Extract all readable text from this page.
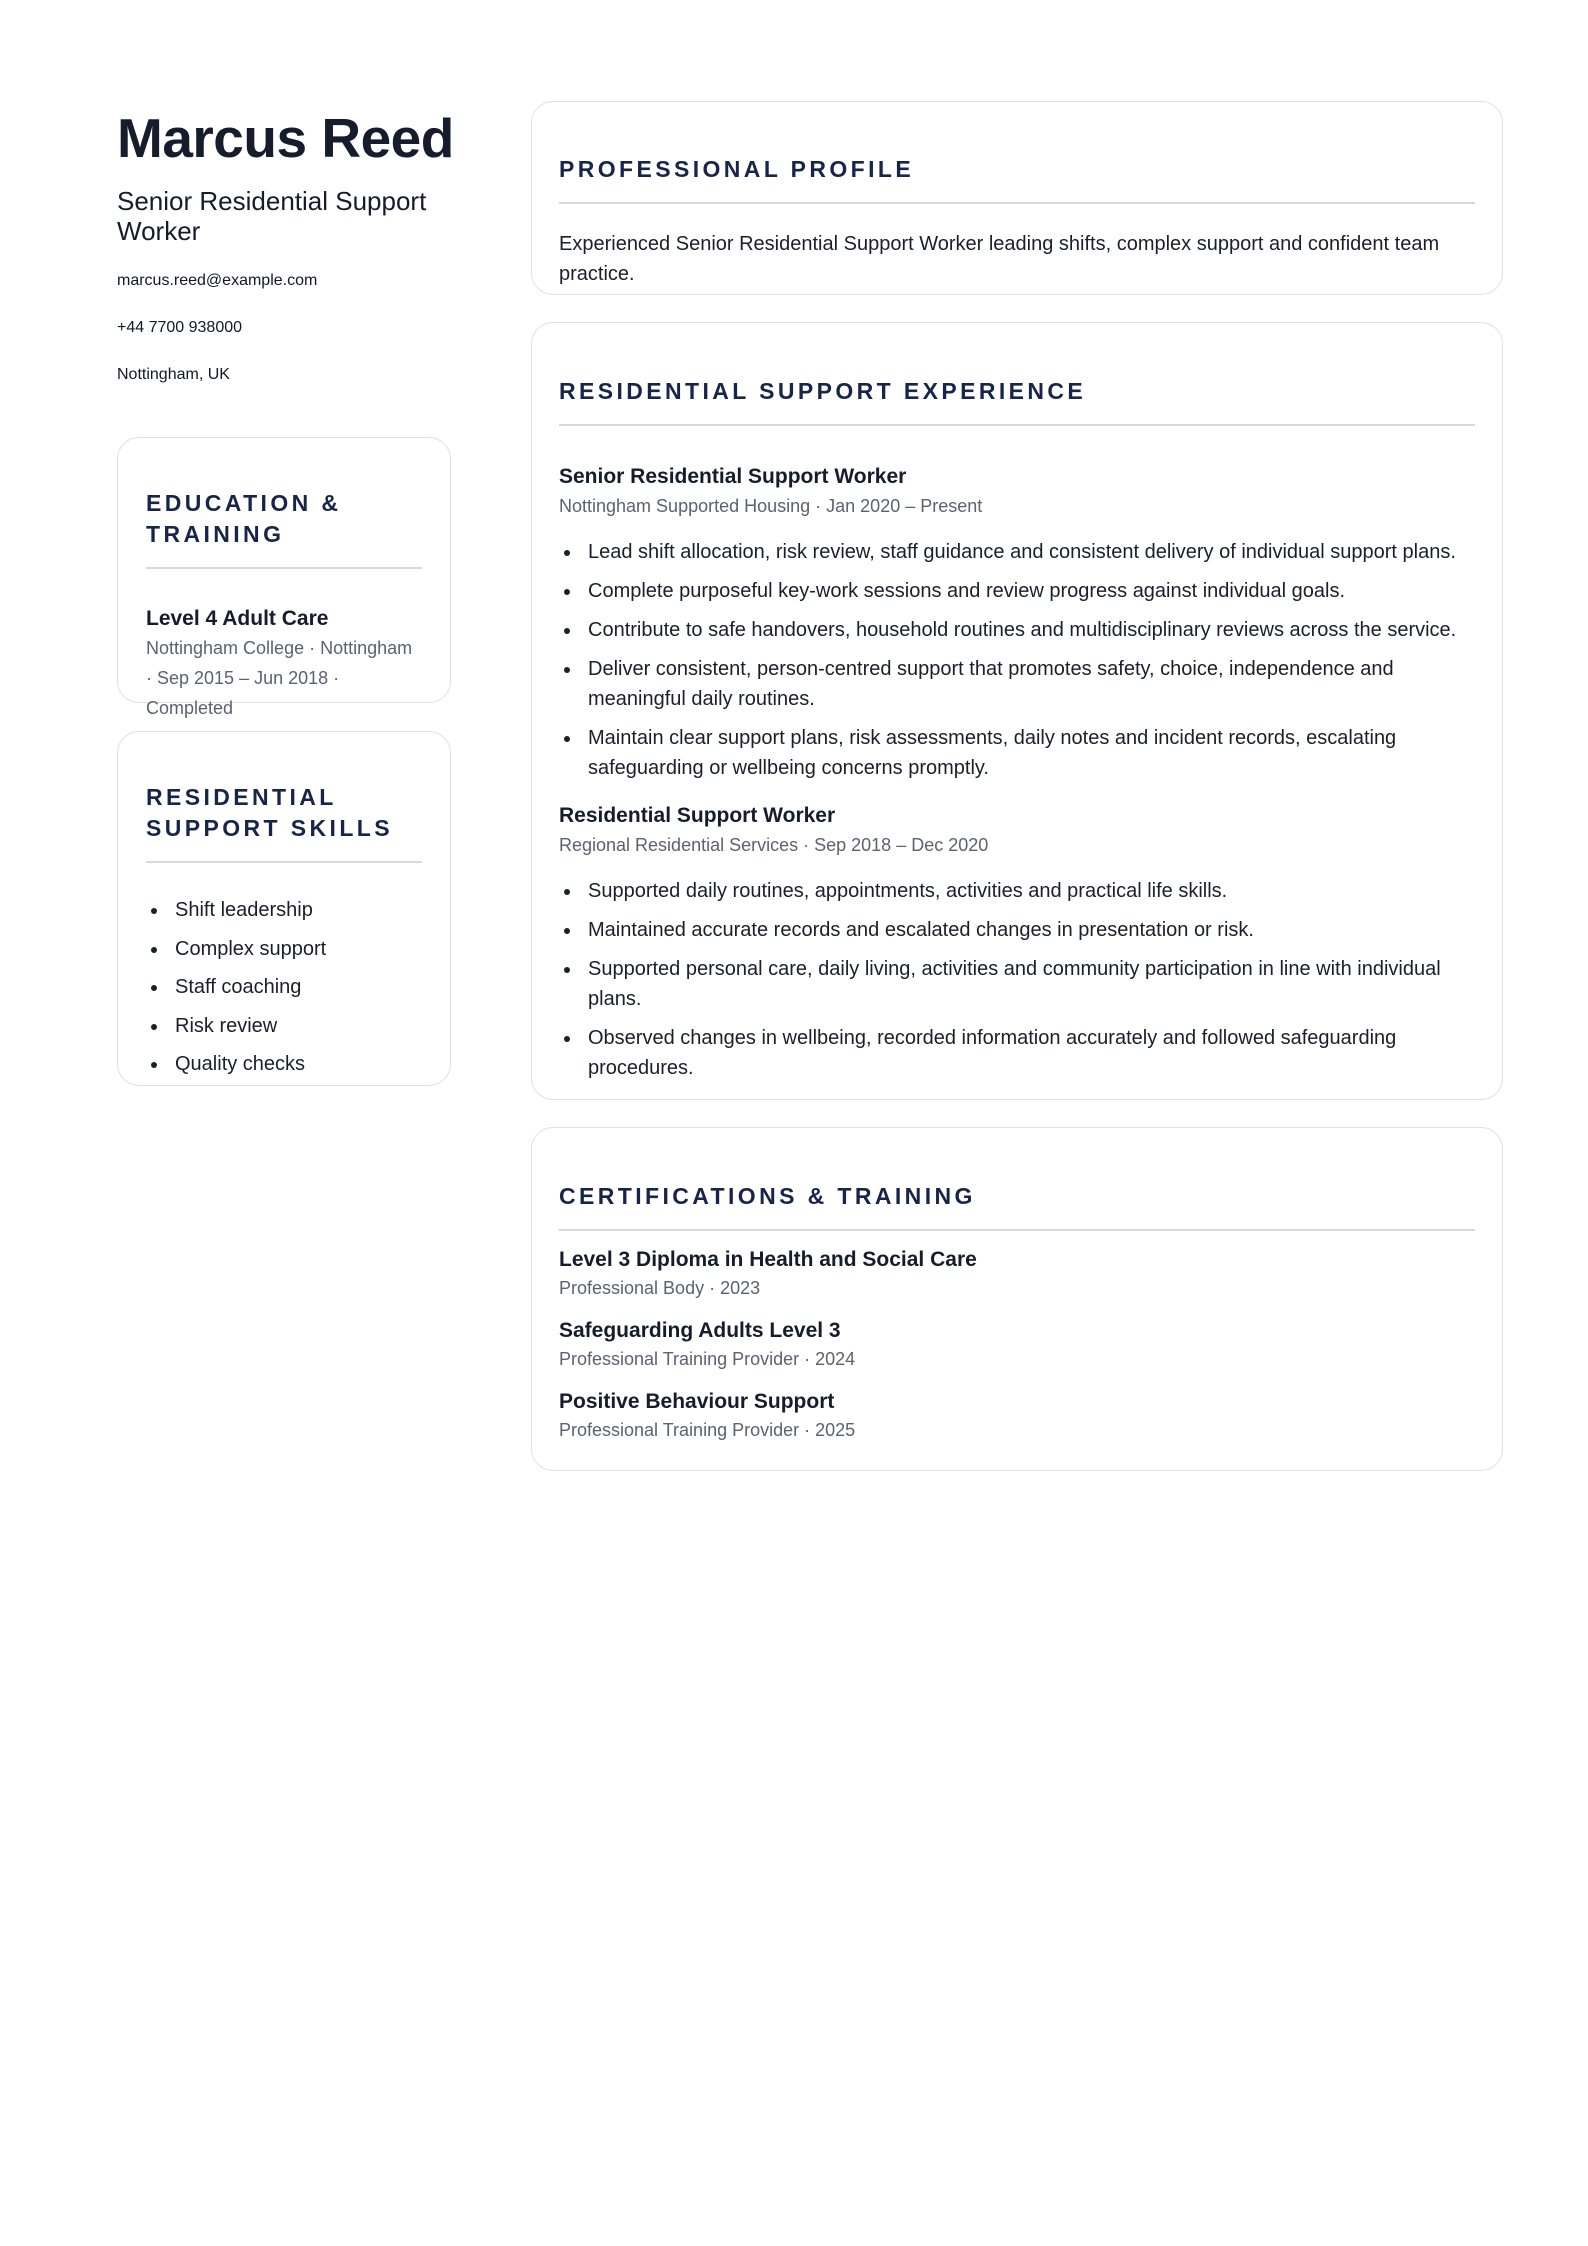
Marcus Reed
Senior Residential Support Worker
marcus.reed@example.com
+44 7700 938000
Nottingham, UK
EDUCATION & TRAINING
Level 4 Adult Care
Nottingham College · Nottingham · Sep 2015 – Jun 2018 · Completed
RESIDENTIAL SUPPORT SKILLS
Shift leadership
Complex support
Staff coaching
Risk review
Quality checks
PROFESSIONAL PROFILE

Experienced Senior Residential Support Worker leading shifts, complex support and confident team practice.

RESIDENTIAL SUPPORT EXPERIENCE
Senior Residential Support Worker
Nottingham Supported Housing · Jan 2020 – Present
Lead shift allocation, risk review, staff guidance and consistent delivery of individual support plans.
Complete purposeful key-work sessions and review progress against individual goals.
Contribute to safe handovers, household routines and multidisciplinary reviews across the service.
Deliver consistent, person-centred support that promotes safety, choice, independence and meaningful daily routines.
Maintain clear support plans, risk assessments, daily notes and incident records, escalating safeguarding or wellbeing concerns promptly.
Residential Support Worker
Regional Residential Services · Sep 2018 – Dec 2020
Supported daily routines, appointments, activities and practical life skills.
Maintained accurate records and escalated changes in presentation or risk.
Supported personal care, daily living, activities and community participation in line with individual plans.
Observed changes in wellbeing, recorded information accurately and followed safeguarding procedures.
CERTIFICATIONS & TRAINING
Level 3 Diploma in Health and Social Care
Professional Body · 2023
Safeguarding Adults Level 3
Professional Training Provider · 2024
Positive Behaviour Support
Professional Training Provider · 2025
